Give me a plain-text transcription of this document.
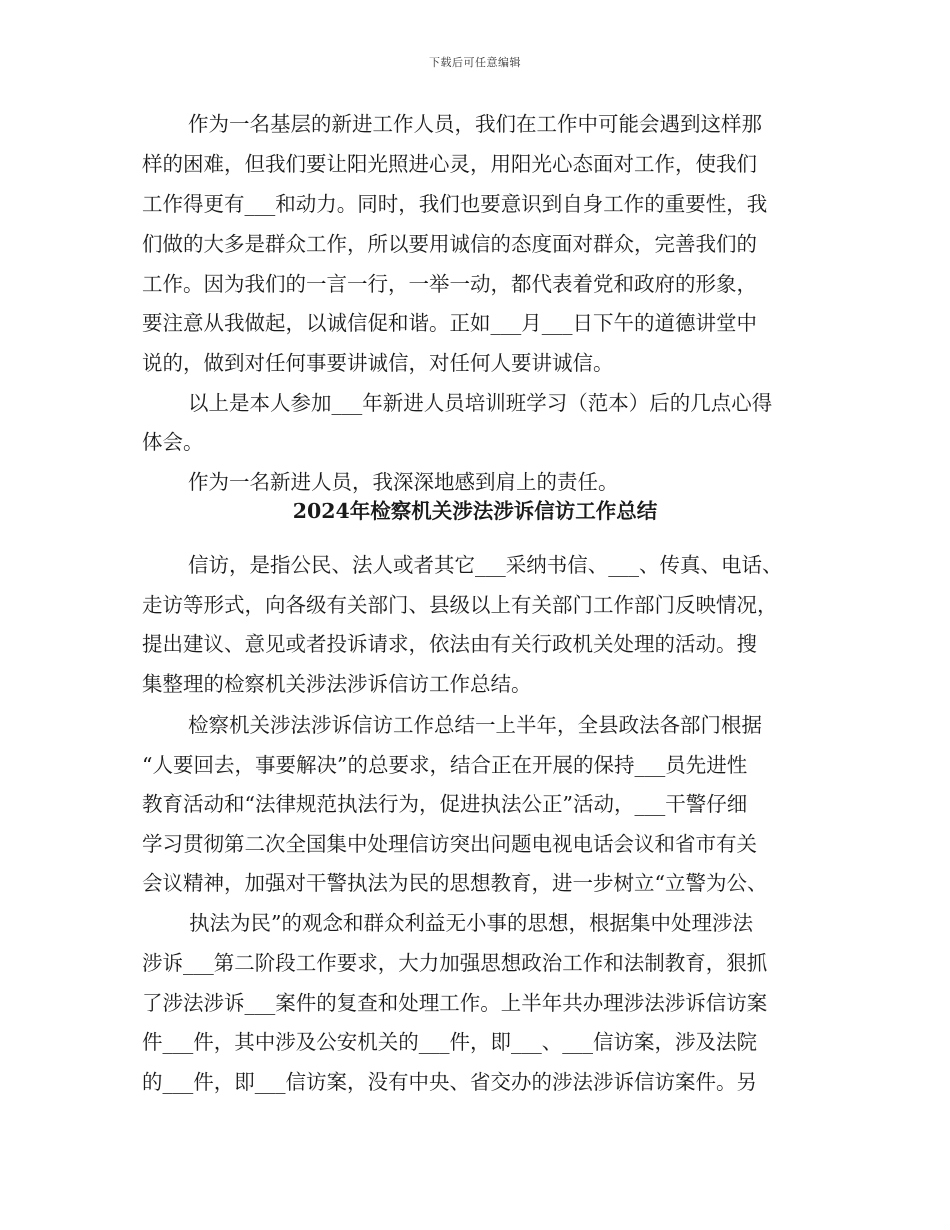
下载后可任意编辑
作为一名基层的新进工作人员，我们在工作中可能会遇到这样那
样的困难，但我们要让阳光照进心灵，用阳光心态面对工作，使我们
工作得更有___和动力。同时，我们也要意识到自身工作的重要性，我
们做的大多是群众工作，所以要用诚信的态度面对群众，完善我们的
工作。因为我们的一言一行，一举一动，都代表着党和政府的形象，
要注意从我做起，以诚信促和谐。正如___月___日下午的道德讲堂中
说的，做到对任何事要讲诚信，对任何人要讲诚信。
以上是本人参加___年新进人员培训班学习（范本）后的几点心得
体会。
作为一名新进人员，我深深地感到肩上的责任。
2024年检察机关涉法涉诉信访工作总结
信访，是指公民、法人或者其它___采纳书信、___、传真、电话、
走访等形式，向各级有关部门、县级以上有关部门工作部门反映情况，
提出建议、意见或者投诉请求，依法由有关行政机关处理的活动。搜
集整理的检察机关涉法涉诉信访工作总结。
检察机关涉法涉诉信访工作总结一上半年，全县政法各部门根据
“人要回去，事要解决”的总要求，结合正在开展的保持___员先进性
教育活动和“法律规范执法行为，促进执法公正”活动，___干警仔细
学习贯彻第二次全国集中处理信访突出问题电视电话会议和省市有关
会议精神，加强对干警执法为民的思想教育，进一步树立“立警为公、
执法为民”的观念和群众利益无小事的思想，根据集中处理涉法
涉诉___第二阶段工作要求，大力加强思想政治工作和法制教育，狠抓
了涉法涉诉___案件的复查和处理工作。上半年共办理涉法涉诉信访案
件___件，其中涉及公安机关的___件，即___、___信访案，涉及法院
的___件，即___信访案，没有中央、省交办的涉法涉诉信访案件。另
